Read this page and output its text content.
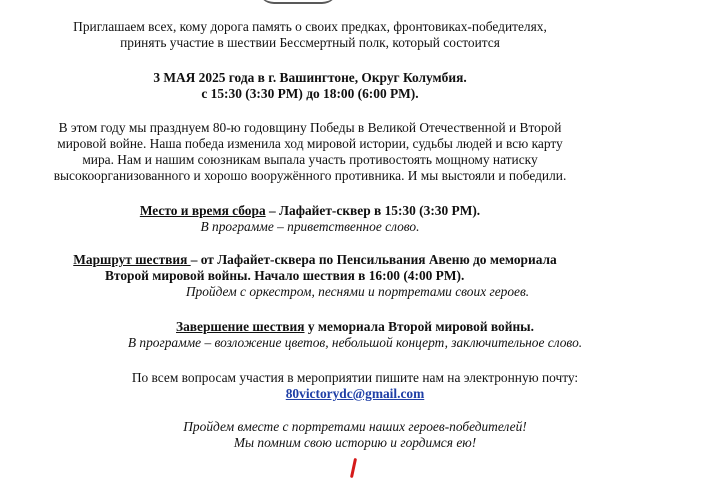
Приглашаем всех, кому дорога память о своих предках, фронтовиках-победителях,
принять участие в шествии Бессмертный полк, который состоится
3 МАЯ 2025 года в г. Вашингтоне, Округ Колумбия.
с 15:30 (3:30 PM) до 18:00 (6:00 PM).
В этом году мы празднуем 80-ю годовщину Победы в Великой Отечественной и Второй
мировой войне. Наша победа изменила ход мировой истории, судьбы людей и всю карту
мира. Нам и нашим союзникам выпала участь противостоять мощному натиску
высокоорганизованного и хорошо вооружённого противника. И мы выстояли и победили.
Место и время сбора – Лафайет-сквер в 15:30 (3:30 PM).
В программе – приветственное слово.
Маршрут шествия – от Лафайет-сквера по Пенсильвания Авеню до мемориала
Второй мировой войны. Начало шествия в 16:00 (4:00 PM).
Пройдем с оркестром, песнями и портретами своих героев.
Завершение шествия у мемориала Второй мировой войны.
В программе – возложение цветов, небольшой концерт, заключительное слово.
По всем вопросам участия в мероприятии пишите нам на электронную почту:
80victorydc@gmail.com
Пройдем вместе с портретами наших героев-победителей!
Мы помним свою историю и гордимся ею!
